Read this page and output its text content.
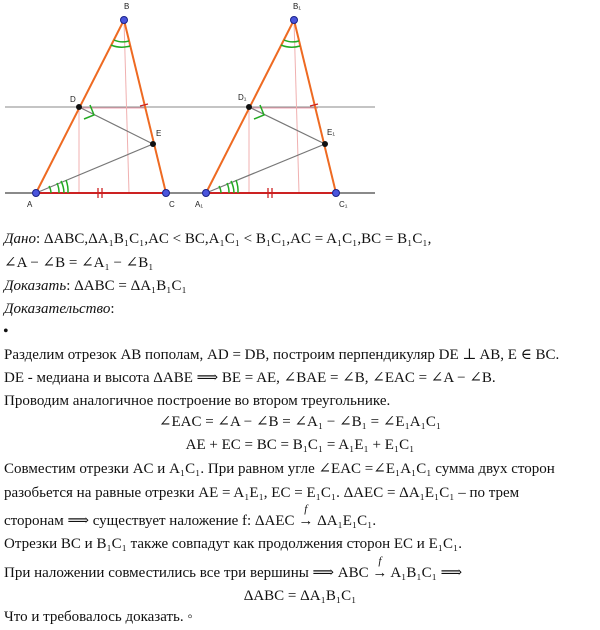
A
B
C
D
E
A₁
B₁
C₁
D₁
E₁
Дано: ΔABC,ΔA₁B₁C₁,AC < BC,A₁C₁ < B₁C₁,AC = A₁C₁,BC = B₁C₁,
∠A − ∠B = ∠A₁ − ∠B₁
Доказать: ΔABC = ΔA₁B₁C₁
Доказательство:
•
Разделим отрезок AB пополам, AD = DB, построим перпендикуляр DE ⊥ AB, E ∈ BC.
DE - медиана и высота ΔABE ⟹ BE = AE, ∠BAE = ∠B, ∠EAC = ∠A − ∠B.
Проводим аналогичное построение во втором треугольнике.
∠EAC = ∠A − ∠B = ∠A₁ − ∠B₁ = ∠E₁A₁C₁
AE + EC = BC = B₁C₁ = A₁E₁ + E₁C₁
Совместим отрезки AC и A₁C₁. При равном угле ∠EAC =∠E₁A₁C₁ сумма двух сторон
разобьется на равные отрезки AE = A₁E₁, EC = E₁C₁. ΔAEC = ΔA₁E₁C₁ – по трем
сторонам ⟹ существует наложение f: ΔAEC
f
→ ΔA₁E₁C₁.
Отрезки BC и B₁C₁ также совпадут как продолжения сторон EC и E₁C₁.
При наложении совместились все три вершины ⟹ ABC
f
→ A₁B₁C₁ ⟹
ΔABC = ΔA₁B₁C₁
Что и требовалось доказать. ◦
